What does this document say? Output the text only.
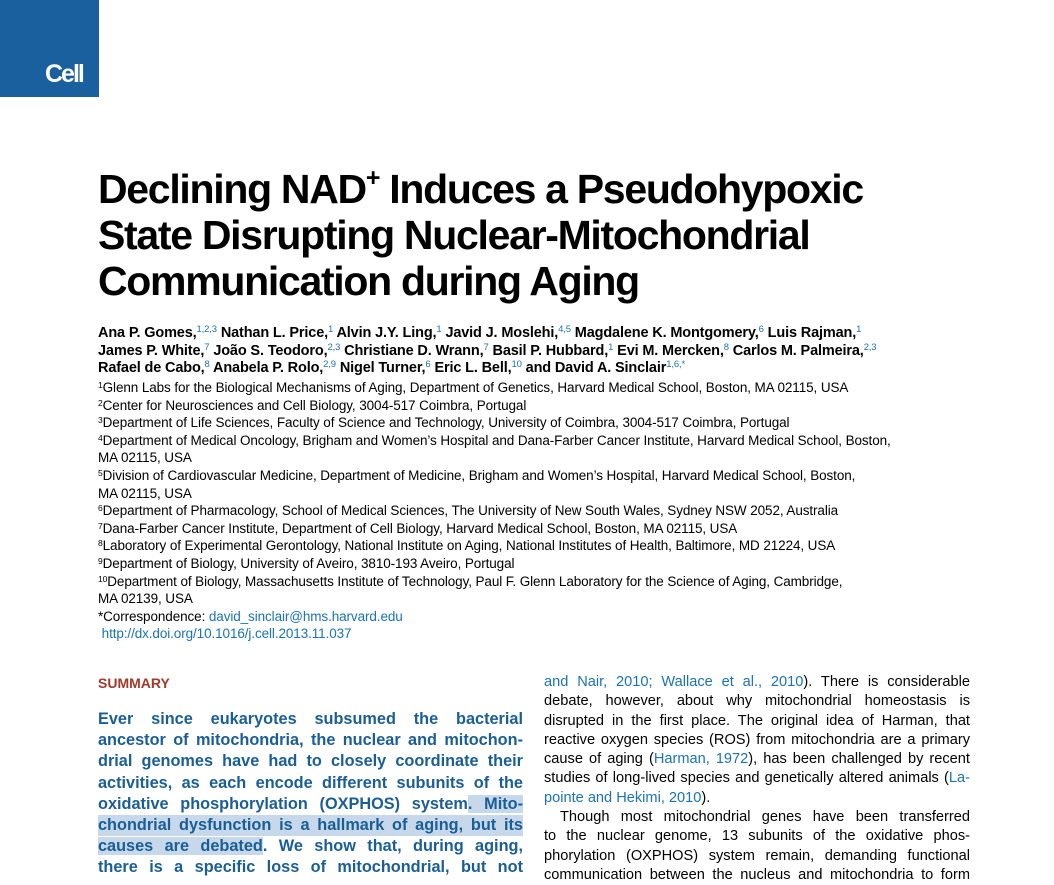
Cell
Declining NAD+ Induces a Pseudohypoxic
State Disrupting Nuclear-Mitochondrial
Communication during Aging
Ana P. Gomes,$^{1,2,3}$ Nathan L. Price,$^1$ Alvin J.Y. Ling,$^1$ Javid J. Moslehi,$^{4,5}$ Magdalene K. Montgomery,$^6$ Luis Rajman,$^1$
James P. White,$^7$ João S. Teodoro,$^{2,3}$ Christiane D. Wrann,$^7$ Basil P. Hubbard,$^1$ Evi M. Mercken,$^8$ Carlos M. Palmeira,$^{2,3}$
Rafael de Cabo,$^8$ Anabela P. Rolo,$^{2,9}$ Nigel Turner,$^6$ Eric L. Bell,$^{10}$ and David A. Sinclair$^{1,6,*}$
$^1$Glenn Labs for the Biological Mechanisms of Aging, Department of Genetics, Harvard Medical School, Boston, MA 02115, USA
$^2$Center for Neurosciences and Cell Biology, 3004-517 Coimbra, Portugal
$^3$Department of Life Sciences, Faculty of Science and Technology, University of Coimbra, 3004-517 Coimbra, Portugal
$^4$Department of Medical Oncology, Brigham and Women’s Hospital and Dana-Farber Cancer Institute, Harvard Medical School, Boston,
MA 02115, USA
$^5$Division of Cardiovascular Medicine, Department of Medicine, Brigham and Women’s Hospital, Harvard Medical School, Boston,
MA 02115, USA
$^6$Department of Pharmacology, School of Medical Sciences, The University of New South Wales, Sydney NSW 2052, Australia
$^7$Dana-Farber Cancer Institute, Department of Cell Biology, Harvard Medical School, Boston, MA 02115, USA
$^8$Laboratory of Experimental Gerontology, National Institute on Aging, National Institutes of Health, Baltimore, MD 21224, USA
$^9$Department of Biology, University of Aveiro, 3810-193 Aveiro, Portugal
$^{10}$Department of Biology, Massachusetts Institute of Technology, Paul F. Glenn Laboratory for the Science of Aging, Cambridge,
MA 02139, USA
*Correspondence: david_sinclair@hms.harvard.edu
http://dx.doi.org/10.1016/j.cell.2013.11.037
SUMMARY
Ever since eukaryotes subsumed the bacterial
ancestor of mitochondria, the nuclear and mitochon-
drial genomes have had to closely coordinate their
activities, as each encode different subunits of the
oxidative phosphorylation (OXPHOS) system. Mito-
chondrial dysfunction is a hallmark of aging, but its
causes are debated. We show that, during aging,
there is a specific loss of mitochondrial, but not
and Nair, 2010; Wallace et al., 2010). There is considerable
debate, however, about why mitochondrial homeostasis is
disrupted in the first place. The original idea of Harman, that
reactive oxygen species (ROS) from mitochondria are a primary
cause of aging (Harman, 1972), has been challenged by recent
studies of long-lived species and genetically altered animals (La-
pointe and Hekimi, 2010).
Though most mitochondrial genes have been transferred
to the nuclear genome, 13 subunits of the oxidative phos-
phorylation (OXPHOS) system remain, demanding functional
communication between the nucleus and mitochondria to form
